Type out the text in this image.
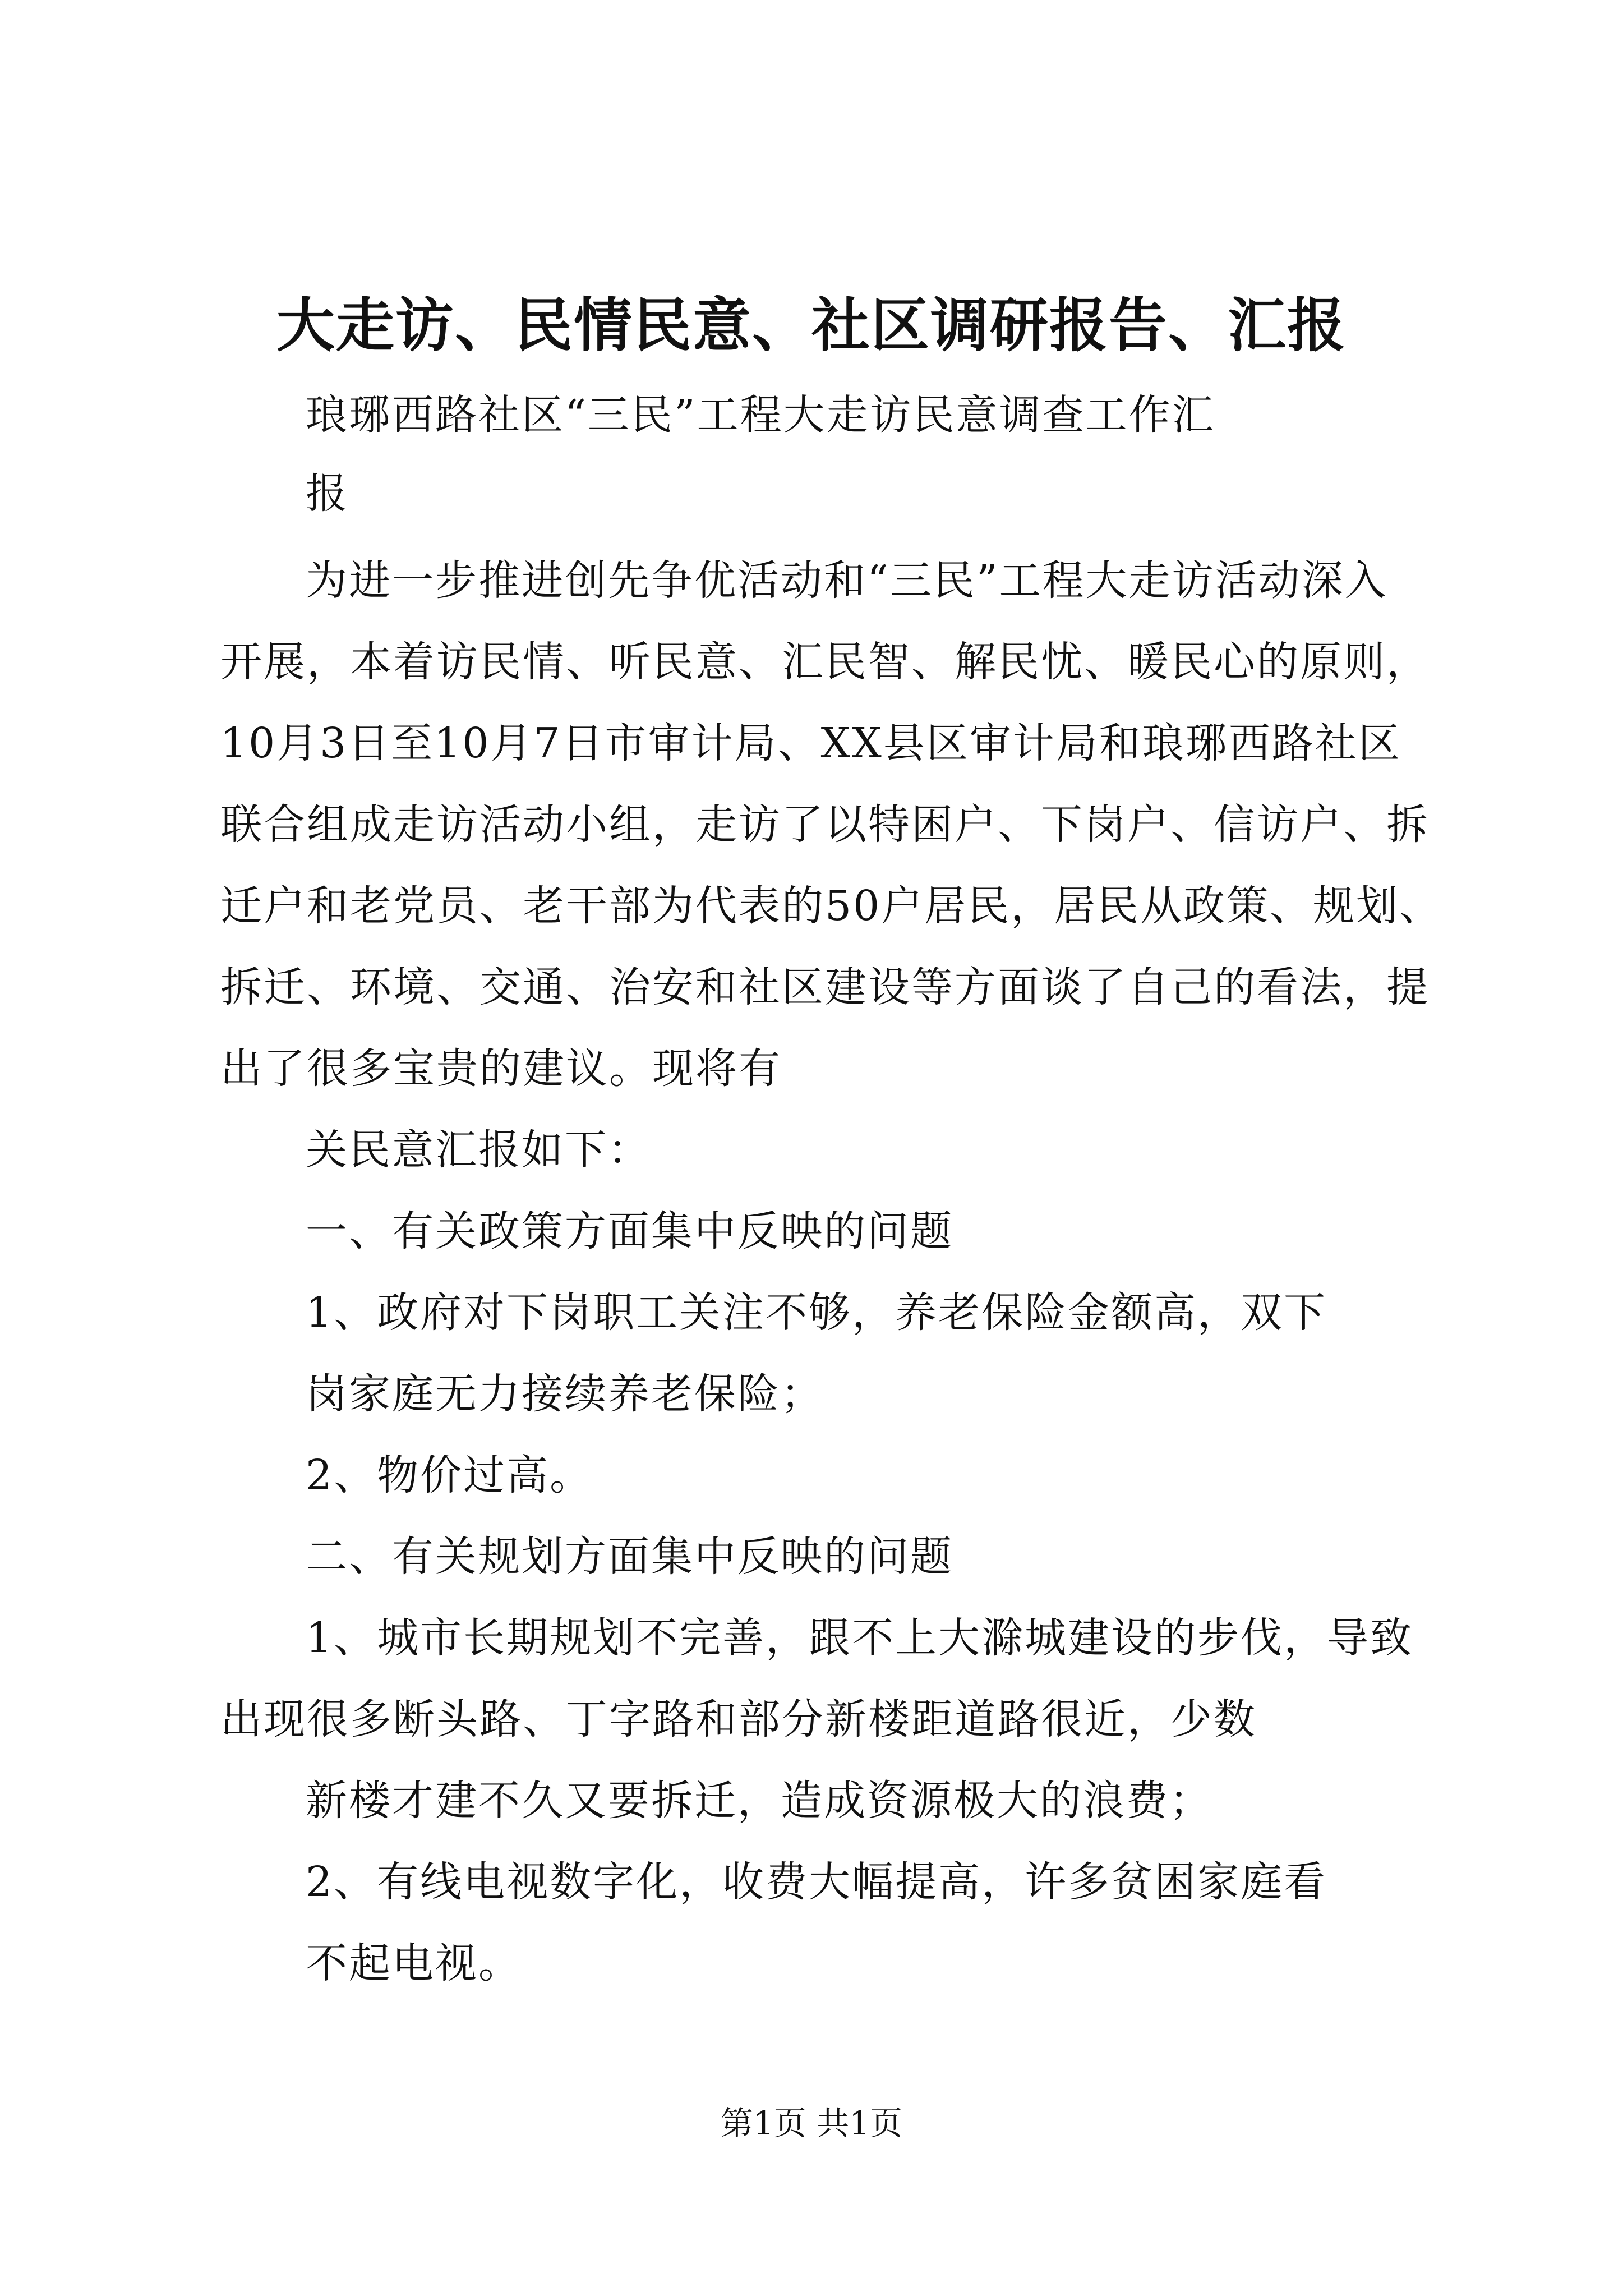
大走访、民情民意、社区调研报告、汇报
琅琊西路社区“三民”工程大走访民意调查工作汇
报
为进一步推进创先争优活动和“三民”工程大走访活动深入
开展，本着访民情、听民意、汇民智、解民忧、暖民心的原则，
10月3日至10月7日市审计局、XX县区审计局和琅琊西路社区
联合组成走访活动小组，走访了以特困户、下岗户、信访户、拆
迁户和老党员、老干部为代表的50户居民，居民从政策、规划、
拆迁、环境、交通、治安和社区建设等方面谈了自己的看法，提
出了很多宝贵的建议。现将有
关民意汇报如下：
一、有关政策方面集中反映的问题
1、政府对下岗职工关注不够，养老保险金额高，双下
岗家庭无力接续养老保险；
2、物价过高。
二、有关规划方面集中反映的问题
1、城市长期规划不完善，跟不上大滁城建设的步伐，导致
出现很多断头路、丁字路和部分新楼距道路很近，少数
新楼才建不久又要拆迁，造成资源极大的浪费；
2、有线电视数字化，收费大幅提高，许多贫困家庭看
不起电视。
第1页 共1页
